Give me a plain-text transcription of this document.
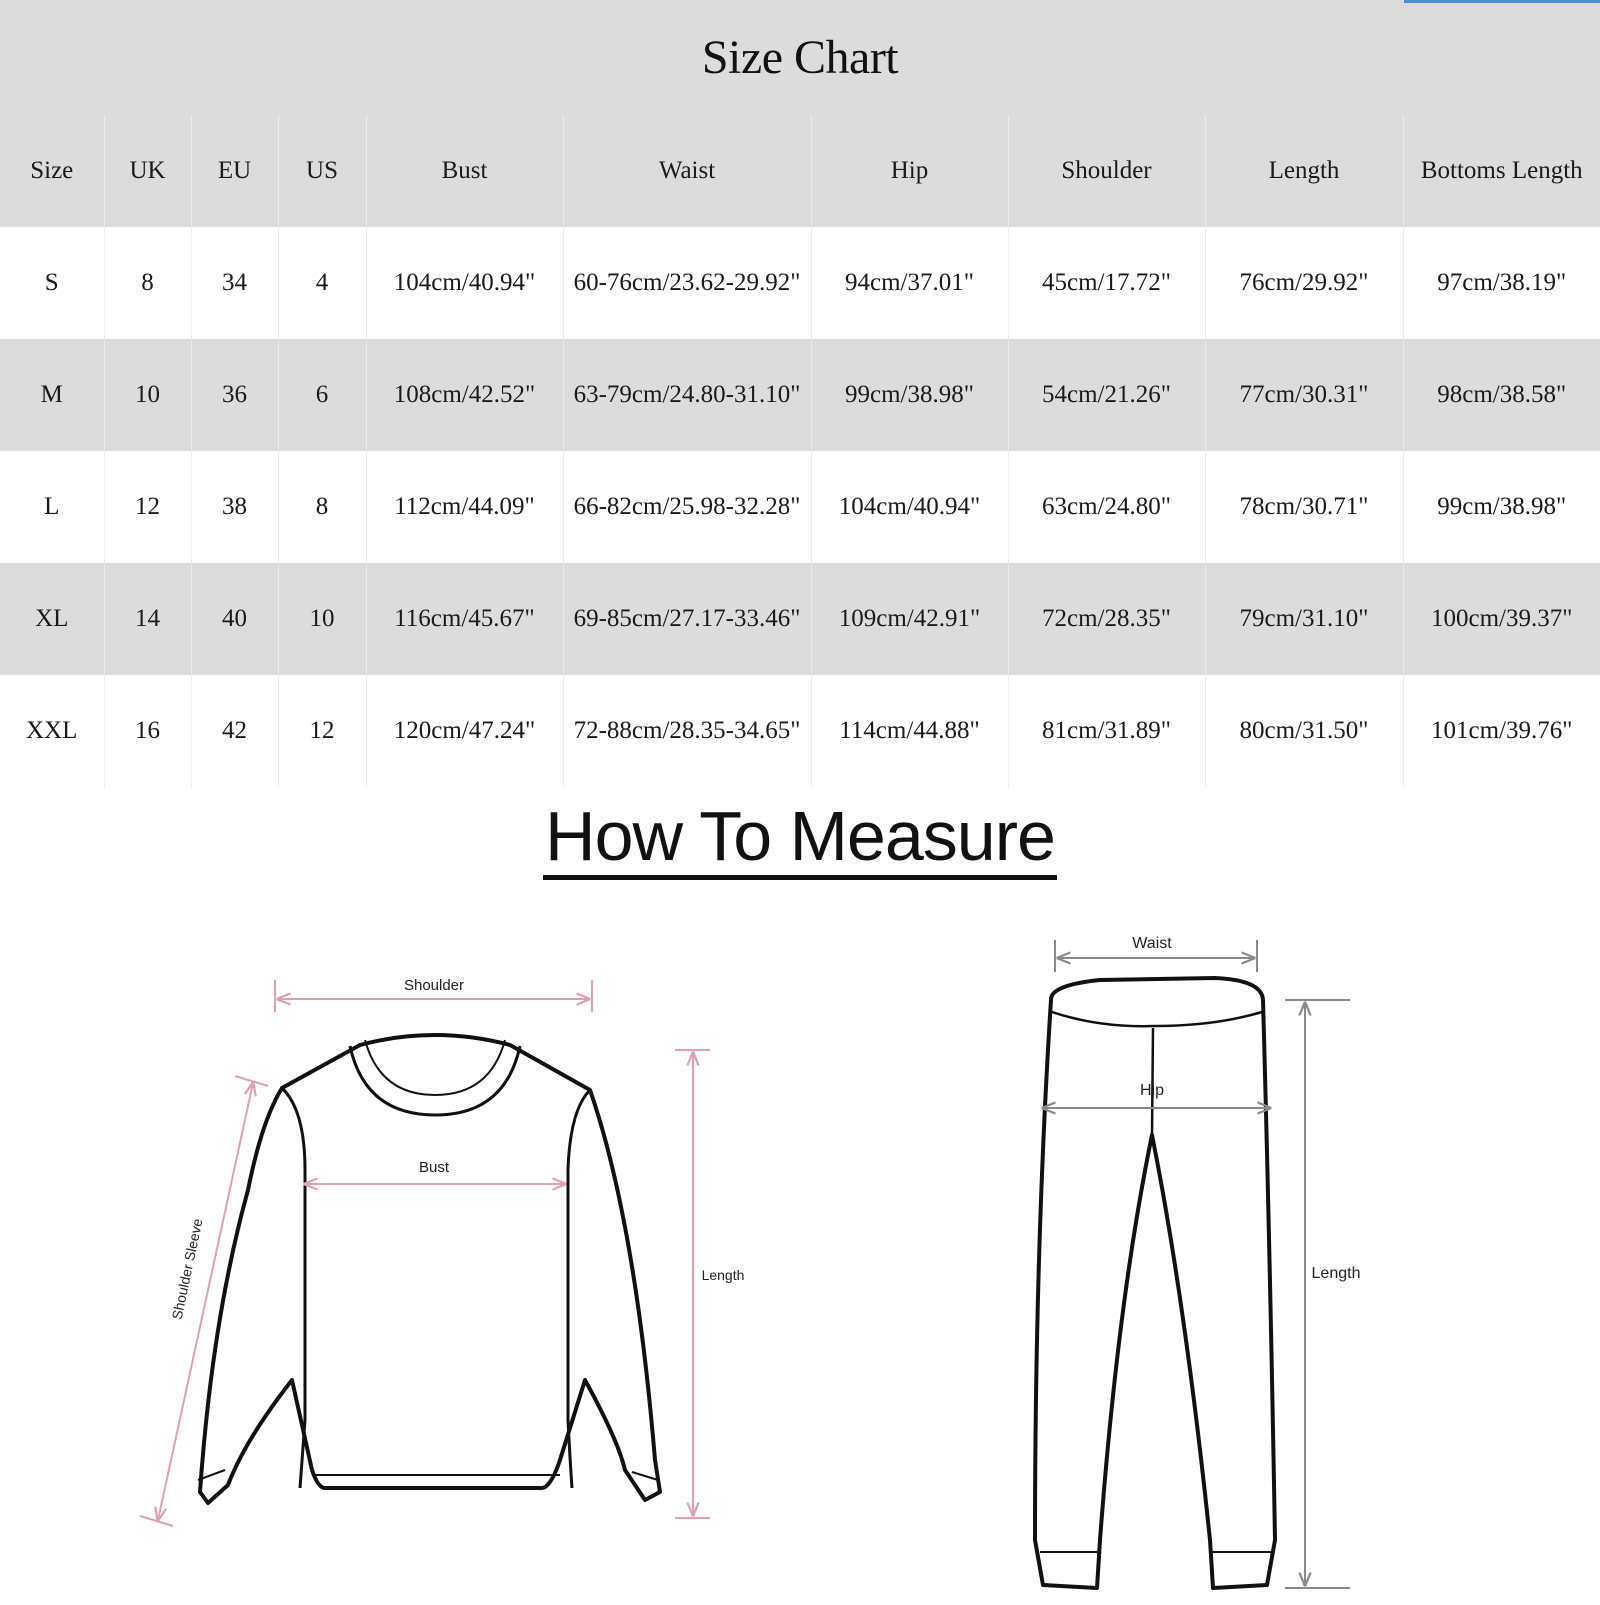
Size Chart
Size	UK	EU	US	Bust	Waist	Hip	Shoulder	Length	Bottoms Length
S	8	34	4	104cm/40.94"	60-76cm/23.62-29.92"	94cm/37.01"	45cm/17.72"	76cm/29.92"	97cm/38.19"
M	10	36	6	108cm/42.52"	63-79cm/24.80-31.10"	99cm/38.98"	54cm/21.26"	77cm/30.31"	98cm/38.58"
L	12	38	8	112cm/44.09"	66-82cm/25.98-32.28"	104cm/40.94"	63cm/24.80"	78cm/30.71"	99cm/38.98"
XL	14	40	10	116cm/45.67"	69-85cm/27.17-33.46"	109cm/42.91"	72cm/28.35"	79cm/31.10"	100cm/39.37"
XXL	16	42	12	120cm/47.24"	72-88cm/28.35-34.65"	114cm/44.88"	81cm/31.89"	80cm/31.50"	101cm/39.76"
How To Measure
Shoulder
Bust
Length
Shoulder Sleeve
Waist
Hip
Length
